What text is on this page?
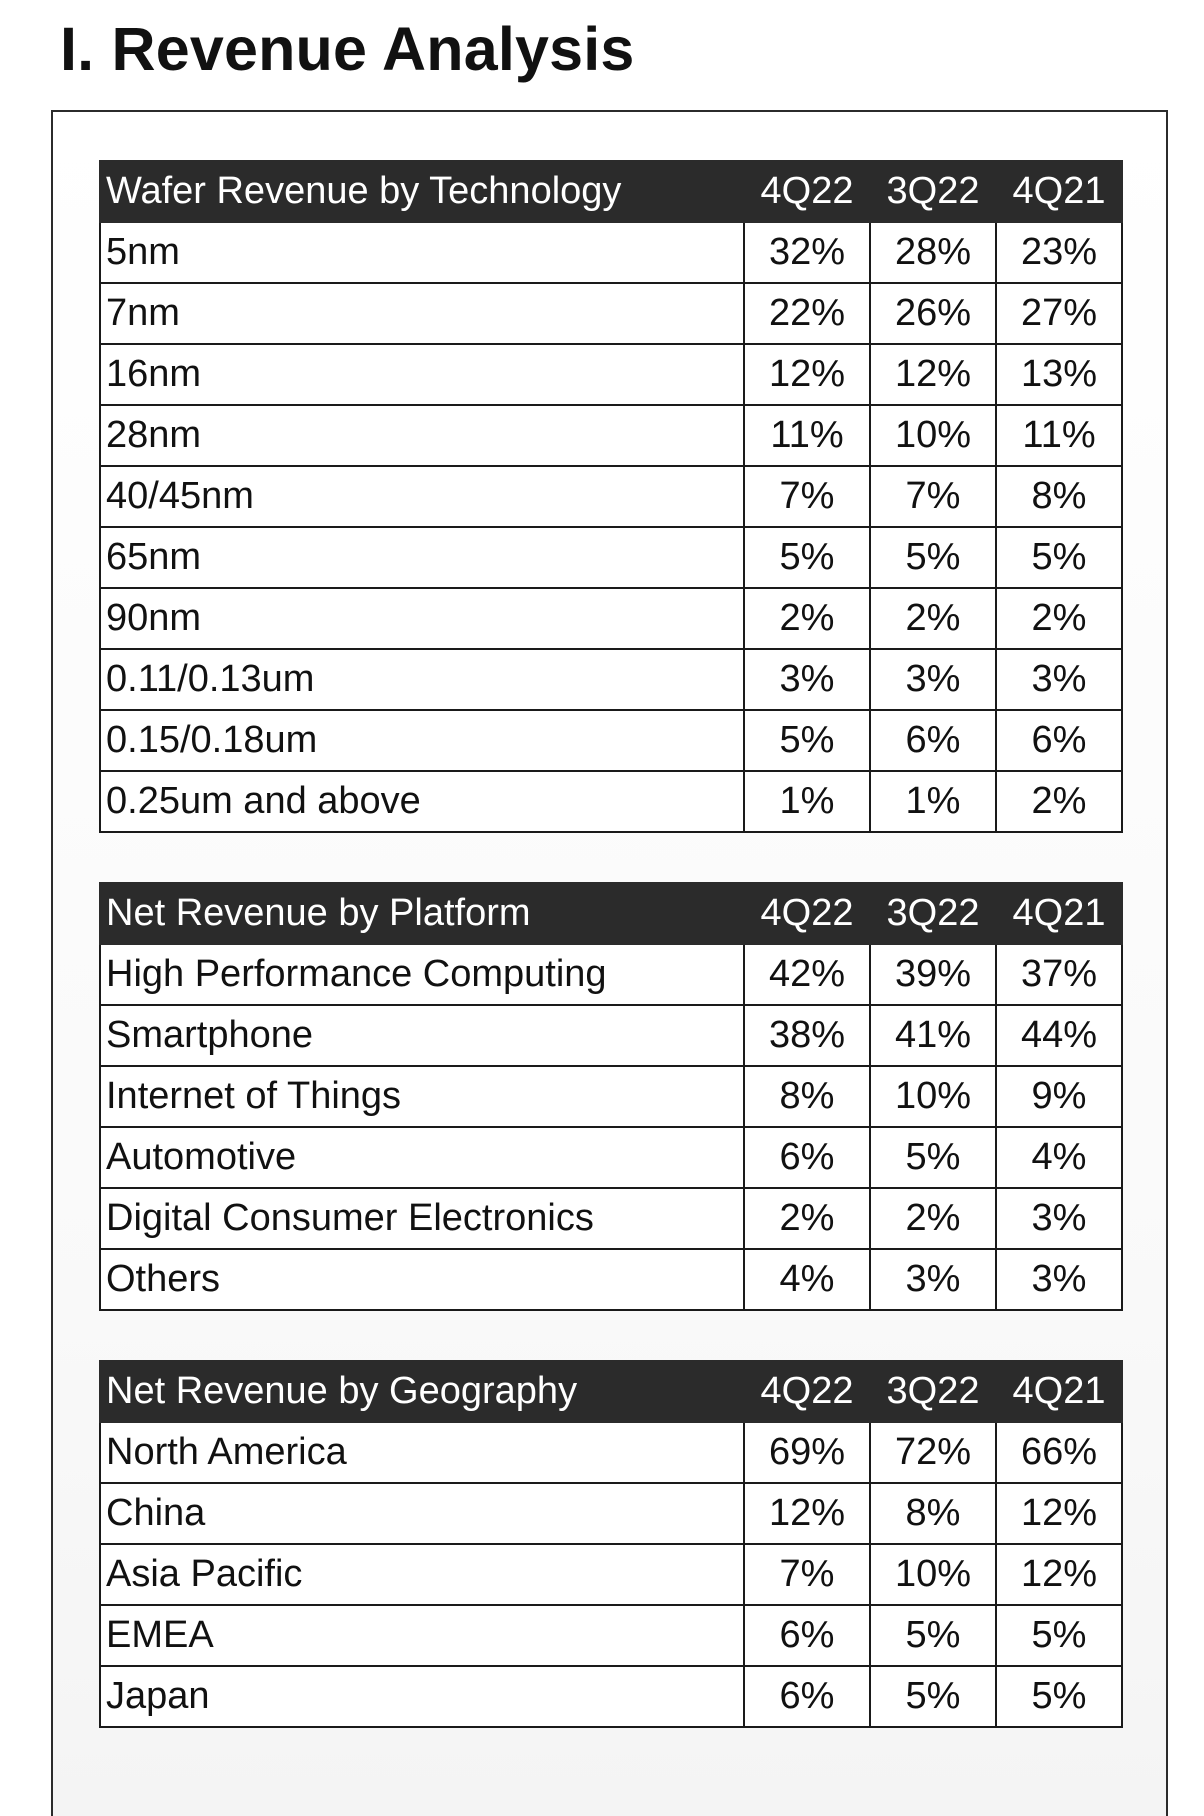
I. Revenue Analysis
Wafer Revenue by Technology	4Q22	3Q22	4Q21
5nm	32%	28%	23%
7nm	22%	26%	27%
16nm	12%	12%	13%
28nm	11%	10%	11%
40/45nm	7%	7%	8%
65nm	5%	5%	5%
90nm	2%	2%	2%
0.11/0.13um	3%	3%	3%
0.15/0.18um	5%	6%	6%
0.25um and above	1%	1%	2%
Net Revenue by Platform	4Q22	3Q22	4Q21
High Performance Computing	42%	39%	37%
Smartphone	38%	41%	44%
Internet of Things	8%	10%	9%
Automotive	6%	5%	4%
Digital Consumer Electronics	2%	2%	3%
Others	4%	3%	3%
Net Revenue by Geography	4Q22	3Q22	4Q21
North America	69%	72%	66%
China	12%	8%	12%
Asia Pacific	7%	10%	12%
EMEA	6%	5%	5%
Japan	6%	5%	5%
